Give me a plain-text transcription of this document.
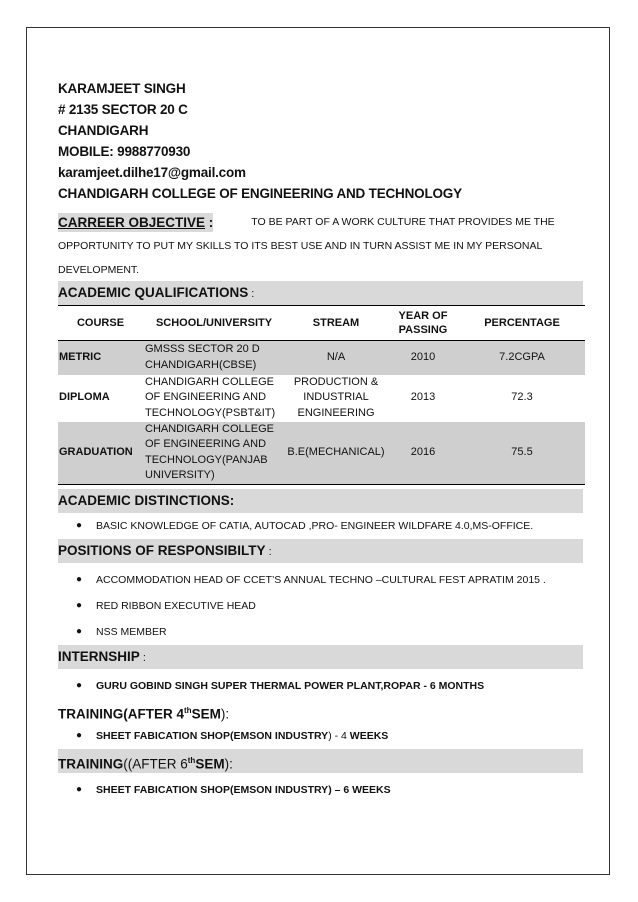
KARAMJEET SINGH
# 2135 SECTOR 20 C
CHANDIGARH
MOBILE: 9988770930
karamjeet.dilhe17@gmail.com
CHANDIGARH COLLEGE OF ENGINEERING AND TECHNOLOGY
CARREER OBJECTIVE :	TO BE PART OF A WORK CULTURE THAT PROVIDES ME THE
OPPORTUNITY TO PUT MY SKILLS TO ITS BEST USE AND IN TURN ASSIST ME IN MY PERSONAL
DEVELOPMENT.
ACADEMIC QUALIFICATIONS :
COURSE	SCHOOL/UNIVERSITY	STREAM	YEAR OF PASSING	PERCENTAGE
METRIC	GMSSS SECTOR 20 D CHANDIGARH(CBSE)	N/A	2010	7.2CGPA
DIPLOMA	CHANDIGARH COLLEGE OF ENGINEERING AND TECHNOLOGY(PSBT&IT)	PRODUCTION & INDUSTRIAL ENGINEERING	2013	72.3
GRADUATION	CHANDIGARH COLLEGE OF ENGINEERING AND TECHNOLOGY(PANJAB UNIVERSITY)	B.E(MECHANICAL)	2016	75.5
ACADEMIC DISTINCTIONS:
● BASIC KNOWLEDGE OF CATIA, AUTOCAD ,PRO- ENGINEER WILDFARE 4.0,MS-OFFICE.
POSITIONS OF RESPONSIBILTY :
● ACCOMMODATION HEAD OF CCET’S ANNUAL TECHNO –CULTURAL FEST APRATIM 2015 .
● RED RIBBON EXECUTIVE HEAD
● NSS MEMBER
INTERNSHIP :
● GURU GOBIND SINGH SUPER THERMAL POWER PLANT,ROPAR - 6 MONTHS
TRAINING(AFTER 4thSEM):
● SHEET FABICATION SHOP(EMSON INDUSTRY) - 4 WEEKS
TRAINING((AFTER 6thSEM):
● SHEET FABICATION SHOP(EMSON INDUSTRY) – 6 WEEKS
